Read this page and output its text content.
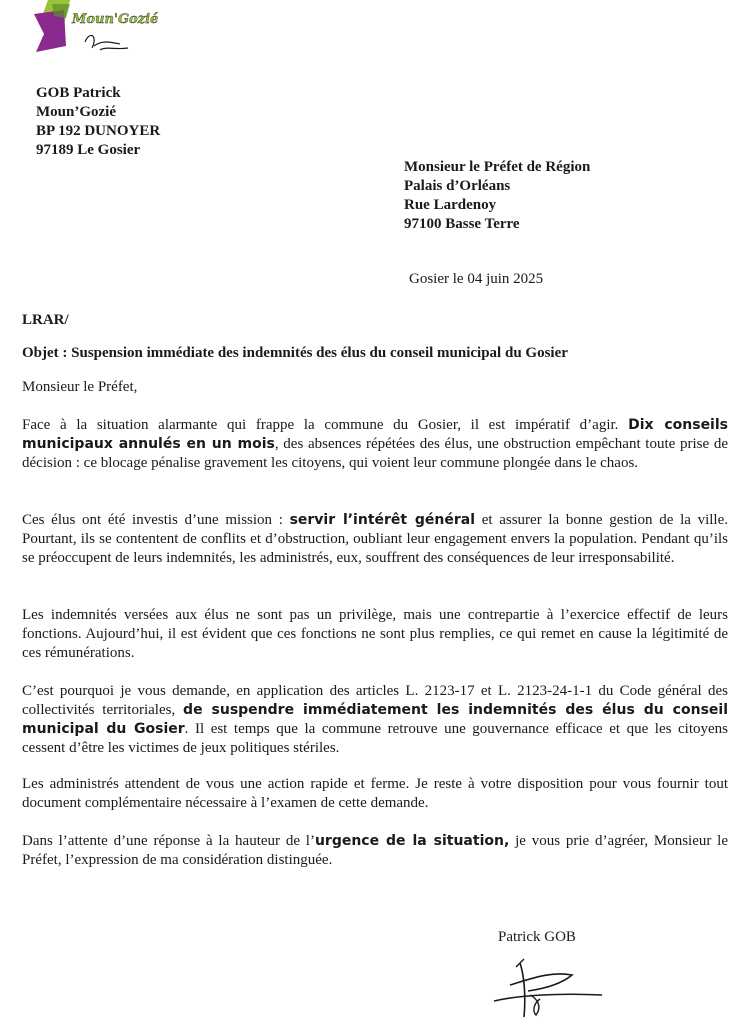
Moun'Gozié
GOB Patrick
Moun’Gozié
BP 192 DUNOYER
97189 Le Gosier
Monsieur le Préfet de Région
Palais d’Orléans
Rue Lardenoy
97100 Basse Terre
Gosier le 04 juin 2025
LRAR/
Objet : Suspension immédiate des indemnités des élus du conseil municipal du Gosier
Monsieur le Préfet,
Face à la situation alarmante qui frappe la commune du Gosier, il est impératif d’agir. Dix conseils municipaux annulés en un mois, des absences répétées des élus, une obstruction empêchant toute prise de décision : ce blocage pénalise gravement les citoyens, qui voient leur commune plongée dans le chaos.
Ces élus ont été investis d’une mission : servir l’intérêt général et assurer la bonne gestion de la ville. Pourtant, ils se contentent de conflits et d’obstruction, oubliant leur engagement envers la population. Pendant qu’ils se préoccupent de leurs indemnités, les administrés, eux, souffrent des conséquences de leur irresponsabilité.
Les indemnités versées aux élus ne sont pas un privilège, mais une contrepartie à l’exercice effectif de leurs fonctions. Aujourd’hui, il est évident que ces fonctions ne sont plus remplies, ce qui remet en cause la légitimité de ces rémunérations.
C’est pourquoi je vous demande, en application des articles L. 2123-17 et L. 2123-24-1-1 du Code général des collectivités territoriales, de suspendre immédiatement les indemnités des élus du conseil municipal du Gosier. Il est temps que la commune retrouve une gouvernance efficace et que les citoyens cessent d’être les victimes de jeux politiques stériles.
Les administrés attendent de vous une action rapide et ferme. Je reste à votre disposition pour vous fournir tout document complémentaire nécessaire à l’examen de cette demande.
Dans l’attente d’une réponse à la hauteur de l’urgence de la situation, je vous prie d’agréer, Monsieur le Préfet, l’expression de ma considération distinguée.
Patrick GOB
